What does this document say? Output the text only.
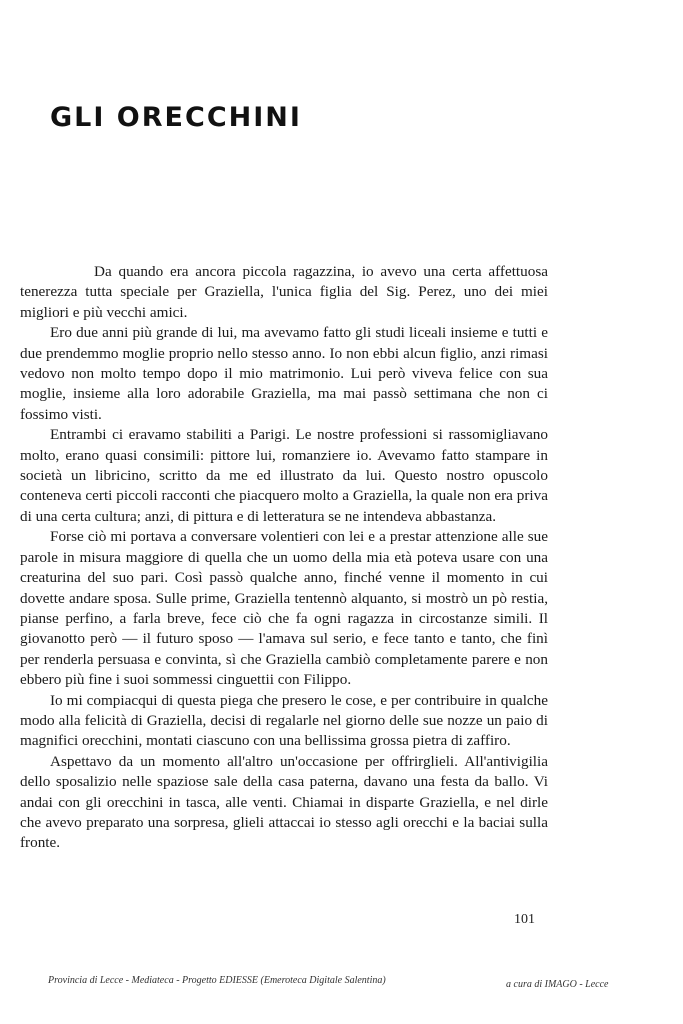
GLI ORECCHINI

Da quando era ancora piccola ragazzina, io avevo una certa affettuosa tenerezza tutta speciale per Graziella, l'unica figlia del Sig. Perez, uno dei miei migliori e più vecchi amici.

Ero due anni più grande di lui, ma avevamo fatto gli studi liceali insieme e tutti e due prendemmo moglie proprio nello stesso anno. Io non ebbi alcun figlio, anzi rimasi vedovo non molto tempo dopo il mio matrimonio. Lui però viveva felice con sua moglie, insieme alla loro adorabile Graziella, ma mai passò settimana che non ci fossimo visti.

Entrambi ci eravamo stabiliti a Parigi. Le nostre professioni si rassomigliavano molto, erano quasi consimili: pittore lui, romanziere io. Avevamo fatto stampare in società un libricino, scritto da me ed illustrato da lui. Questo nostro opuscolo conteneva certi piccoli racconti che piacquero molto a Graziella, la quale non era priva di una certa cultura; anzi, di pittura e di letteratura se ne intendeva abbastanza.

Forse ciò mi portava a conversare volentieri con lei e a prestar attenzione alle sue parole in misura maggiore di quella che un uomo della mia età poteva usare con una creaturina del suo pari. Così passò qualche anno, finché venne il momento in cui dovette andare sposa. Sulle prime, Graziella tentennò alquanto, si mostrò un pò restia, pianse perfino, a farla breve, fece ciò che fa ogni ragazza in circostanze simili. Il giovanotto però — il futuro sposo — l'amava sul serio, e fece tanto e tanto, che finì per renderla persuasa e convinta, sì che Graziella cambiò completamente parere e non ebbero più fine i suoi sommessi cinguettii con Filippo.

Io mi compiacqui di questa piega che presero le cose, e per contribuire in qualche modo alla felicità di Graziella, decisi di regalarle nel giorno delle sue nozze un paio di magnifici orecchini, montati ciascuno con una bellissima grossa pietra di zaffiro.

Aspettavo da un momento all'altro un'occasione per offrirglieli. All'antivigilia dello sposalizio nelle spaziose sale della casa paterna, davano una festa da ballo. Vi andai con gli orecchini in tasca, alle venti. Chiamai in disparte Graziella, e nel dirle che avevo preparato una sorpresa, glieli attaccai io stesso agli orecchi e la baciai sulla fronte.

101
Provincia di Lecce - Mediateca - Progetto EDIESSE (Emeroteca Digitale Salentina)	a cura di IMAGO - Lecce
